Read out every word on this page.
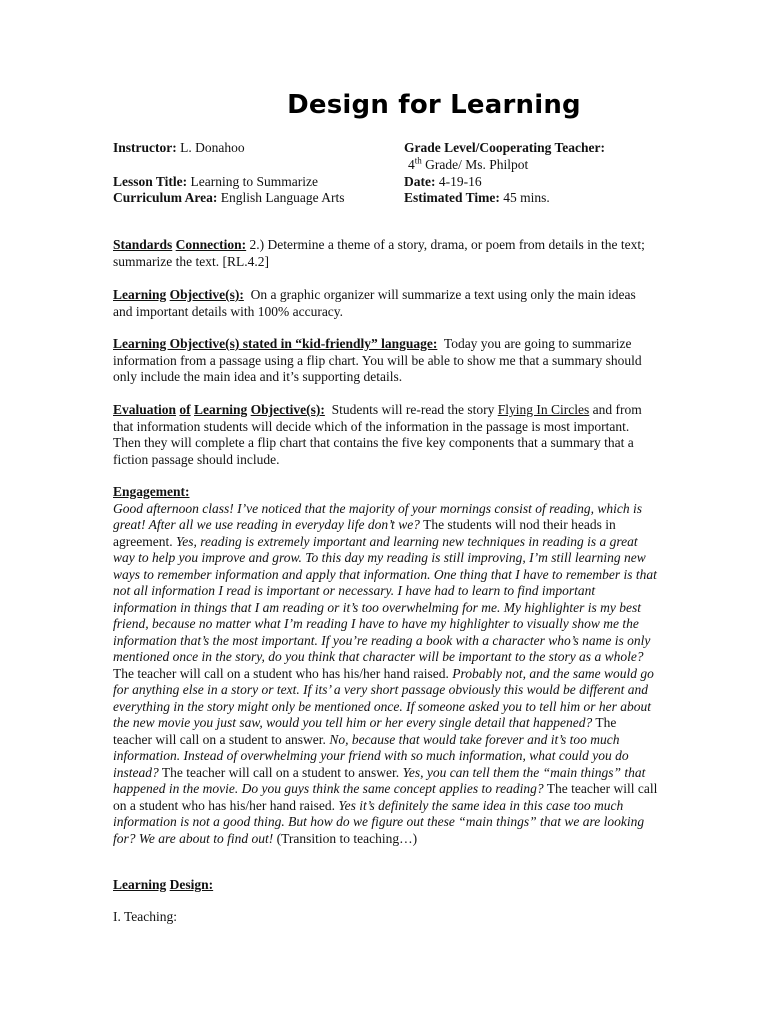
Design for Learning
Instructor: L. Donahoo
Lesson Title: Learning to Summarize
Curriculum Area: English Language Arts
Grade Level/Cooperating Teacher:
4th Grade/ Ms. Philpot
Date: 4-19-16
Estimated Time: 45 mins.
Standards Connection: 2.) Determine a theme of a story, drama, or poem from details in the text; summarize the text. [RL.4.2]
Learning Objective(s): On a graphic organizer will summarize a text using only the main ideas and important details with 100% accuracy.
Learning Objective(s) stated in “kid-friendly” language: Today you are going to summarize information from a passage using a flip chart. You will be able to show me that a summary should only include the main idea and it’s supporting details.
Evaluation of Learning Objective(s): Students will re-read the story Flying In Circles and from that information students will decide which of the information in the passage is most important. Then they will complete a flip chart that contains the five key components that a summary that a fiction passage should include.
Engagement:
Good afternoon class! I’ve noticed that the majority of your mornings consist of reading, which is great! After all we use reading in everyday life don’t we? The students will nod their heads in agreement. Yes, reading is extremely important and learning new techniques in reading is a great way to help you improve and grow. To this day my reading is still improving, I’m still learning new ways to remember information and apply that information. One thing that I have to remember is that not all information I read is important or necessary. I have had to learn to find important information in things that I am reading or it’s too overwhelming for me. My highlighter is my best friend, because no matter what I’m reading I have to have my highlighter to visually show me the information that’s the most important. If you’re reading a book with a character who’s name is only mentioned once in the story, do you think that character will be important to the story as a whole? The teacher will call on a student who has his/her hand raised. Probably not, and the same would go for anything else in a story or text. If its’ a very short passage obviously this would be different and everything in the story might only be mentioned once. If someone asked you to tell him or her about the new movie you just saw, would you tell him or her every single detail that happened? The teacher will call on a student to answer. No, because that would take forever and it’s too much information. Instead of overwhelming your friend with so much information, what could you do instead? The teacher will call on a student to answer. Yes, you can tell them the “main things” that happened in the movie. Do you guys think the same concept applies to reading? The teacher will call on a student who has his/her hand raised. Yes it’s definitely the same idea in this case too much information is not a good thing. But how do we figure out these “main things” that we are looking for? We are about to find out! (Transition to teaching…)
Learning Design:
I. Teaching:
